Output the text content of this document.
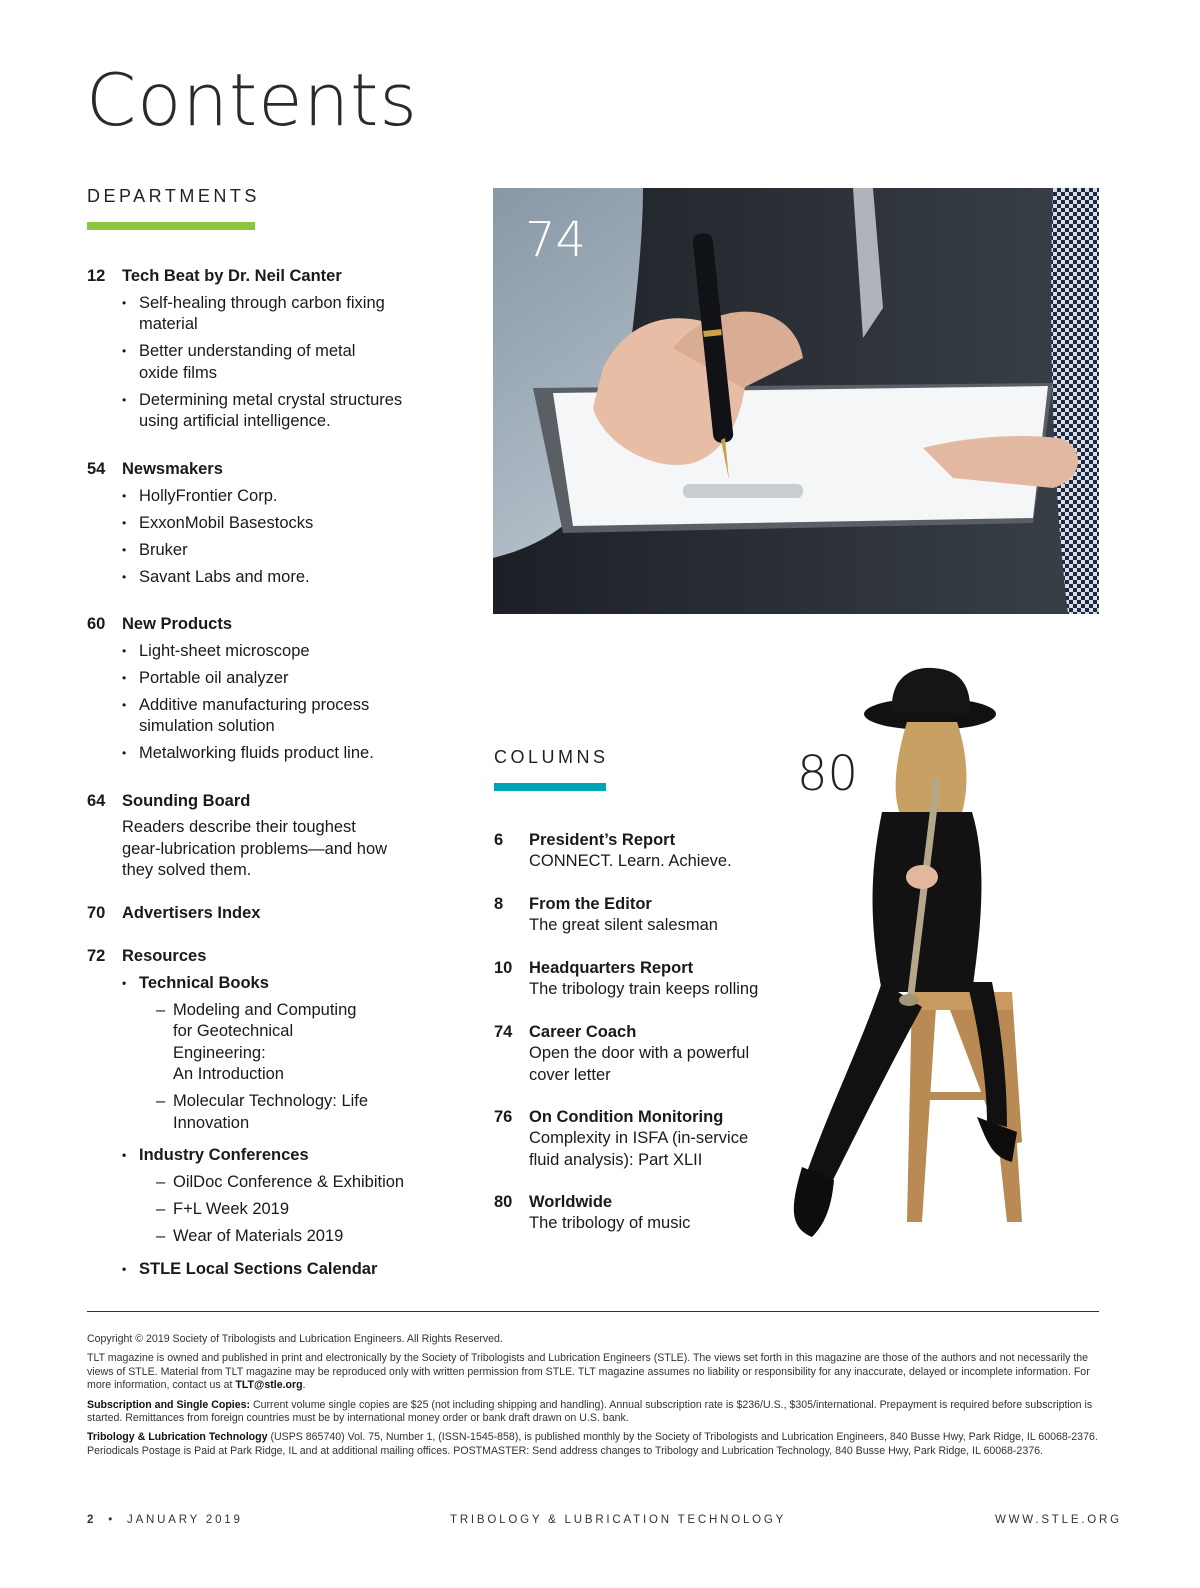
Contents
DEPARTMENTS
12	Tech Beat by Dr. Neil Canter
• Self-healing through carbon fixing material
• Better understanding of metal oxide films
• Determining metal crystal structures using artificial intelligence.
54	Newsmakers
• HollyFrontier Corp.
• ExxonMobil Basestocks
• Bruker
• Savant Labs and more.
60	New Products
• Light-sheet microscope
• Portable oil analyzer
• Additive manufacturing process simulation solution
• Metalworking fluids product line.
64	Sounding Board
Readers describe their toughest gear-lubrication problems—and how they solved them.
70	Advertisers Index
72	Resources
• Technical Books
– Modeling and Computing for Geotechnical Engineering:
An Introduction
– Molecular Technology: Life Innovation
• Industry Conferences
– OilDoc Conference & Exhibition
– F+L Week 2019
– Wear of Materials 2019
• STLE Local Sections Calendar
74
COLUMNS	80
6	President’s Report
CONNECT. Learn. Achieve.
8	From the Editor
The great silent salesman
10	Headquarters Report
The tribology train keeps rolling
74	Career Coach
Open the door with a powerful cover letter
76	On Condition Monitoring
Complexity in ISFA (in-service fluid analysis): Part XLII
80	Worldwide
The tribology of music

Copyright © 2019 Society of Tribologists and Lubrication Engineers. All Rights Reserved.

TLT magazine is owned and published in print and electronically by the Society of Tribologists and Lubrication Engineers (STLE). The views set forth in this magazine are those of the authors and not necessarily the views of STLE. Material from TLT magazine may be reproduced only with written permission from STLE. TLT magazine assumes no liability or responsibility for any inaccurate, delayed or incomplete information. For more information, contact us at TLT@stle.org.

Subscription and Single Copies: Current volume single copies are $25 (not including shipping and handling). Annual subscription rate is $236/U.S., $305/international. Prepayment is required before subscription is started. Remittances from foreign countries must be by international money order or bank draft drawn on U.S. bank.

Tribology & Lubrication Technology (USPS 865740) Vol. 75, Number 1, (ISSN-1545-858), is published monthly by the Society of Tribologists and Lubrication Engineers, 840 Busse Hwy, Park Ridge, IL 60068-2376. Periodicals Postage is Paid at Park Ridge, IL and at additional mailing offices. POSTMASTER: Send address changes to Tribology and Lubrication Technology, 840 Busse Hwy, Park Ridge, IL 60068-2376.

2 • JANUARY 2019	TRIBOLOGY & LUBRICATION TECHNOLOGY	WWW.STLE.ORG
